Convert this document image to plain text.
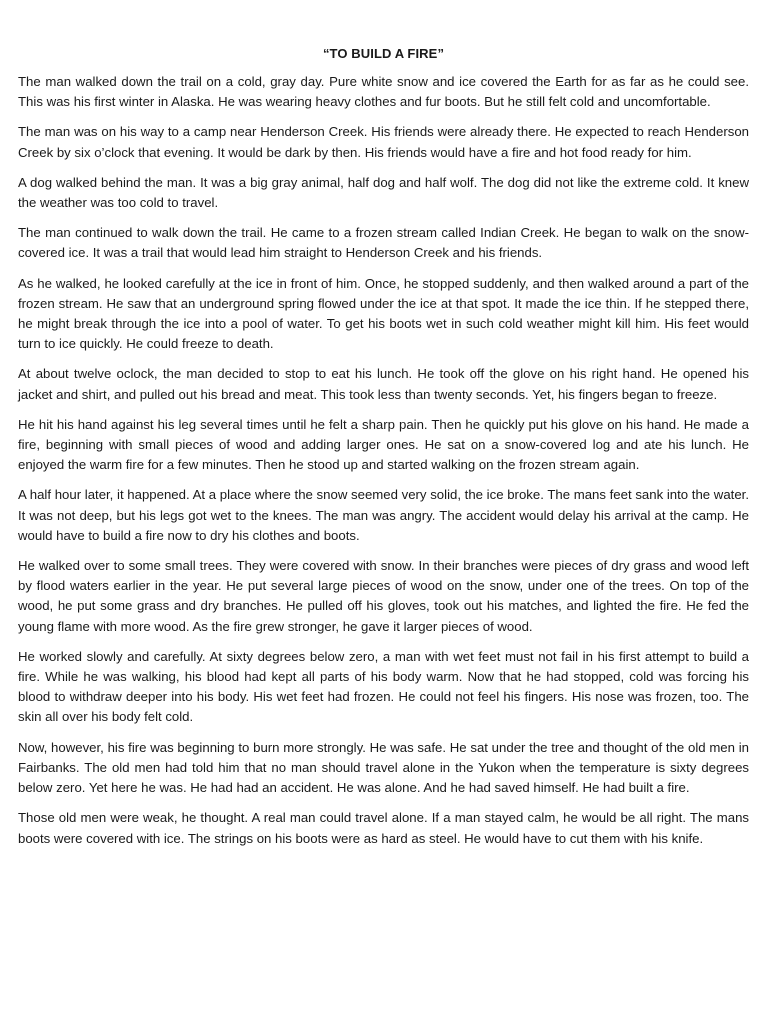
“TO BUILD A FIRE”

The man walked down the trail on a cold, gray day. Pure white snow and ice covered the Earth for as far as he could see. This was his first winter in Alaska. He was wearing heavy clothes and fur boots. But he still felt cold and uncomfortable.

The man was on his way to a camp near Henderson Creek. His friends were already there. He expected to reach Henderson Creek by six o’clock that evening. It would be dark by then. His friends would have a fire and hot food ready for him.

A dog walked behind the man. It was a big gray animal, half dog and half wolf. The dog did not like the extreme cold. It knew the weather was too cold to travel.

The man continued to walk down the trail. He came to a frozen stream called Indian Creek. He began to walk on the snow-covered ice. It was a trail that would lead him straight to Henderson Creek and his friends.

As he walked, he looked carefully at the ice in front of him. Once, he stopped suddenly, and then walked around a part of the frozen stream. He saw that an underground spring flowed under the ice at that spot. It made the ice thin. If he stepped there, he might break through the ice into a pool of water. To get his boots wet in such cold weather might kill him. His feet would turn to ice quickly. He could freeze to death.

At about twelve oclock, the man decided to stop to eat his lunch. He took off the glove on his right hand. He opened his jacket and shirt, and pulled out his bread and meat. This took less than twenty seconds. Yet, his fingers began to freeze.

He hit his hand against his leg several times until he felt a sharp pain. Then he quickly put his glove on his hand. He made a fire, beginning with small pieces of wood and adding larger ones. He sat on a snow-covered log and ate his lunch. He enjoyed the warm fire for a few minutes. Then he stood up and started walking on the frozen stream again.

A half hour later, it happened. At a place where the snow seemed very solid, the ice broke. The mans feet sank into the water. It was not deep, but his legs got wet to the knees. The man was angry. The accident would delay his arrival at the camp. He would have to build a fire now to dry his clothes and boots.

He walked over to some small trees. They were covered with snow. In their branches were pieces of dry grass and wood left by flood waters earlier in the year. He put several large pieces of wood on the snow, under one of the trees. On top of the wood, he put some grass and dry branches. He pulled off his gloves, took out his matches, and lighted the fire. He fed the young flame with more wood. As the fire grew stronger, he gave it larger pieces of wood.

He worked slowly and carefully. At sixty degrees below zero, a man with wet feet must not fail in his first attempt to build a fire. While he was walking, his blood had kept all parts of his body warm. Now that he had stopped, cold was forcing his blood to withdraw deeper into his body. His wet feet had frozen. He could not feel his fingers. His nose was frozen, too. The skin all over his body felt cold.

Now, however, his fire was beginning to burn more strongly. He was safe. He sat under the tree and thought of the old men in Fairbanks. The old men had told him that no man should travel alone in the Yukon when the temperature is sixty degrees below zero. Yet here he was. He had had an accident. He was alone. And he had saved himself. He had built a fire.

Those old men were weak, he thought. A real man could travel alone. If a man stayed calm, he would be all right. The mans boots were covered with ice. The strings on his boots were as hard as steel. He would have to cut them with his knife.
